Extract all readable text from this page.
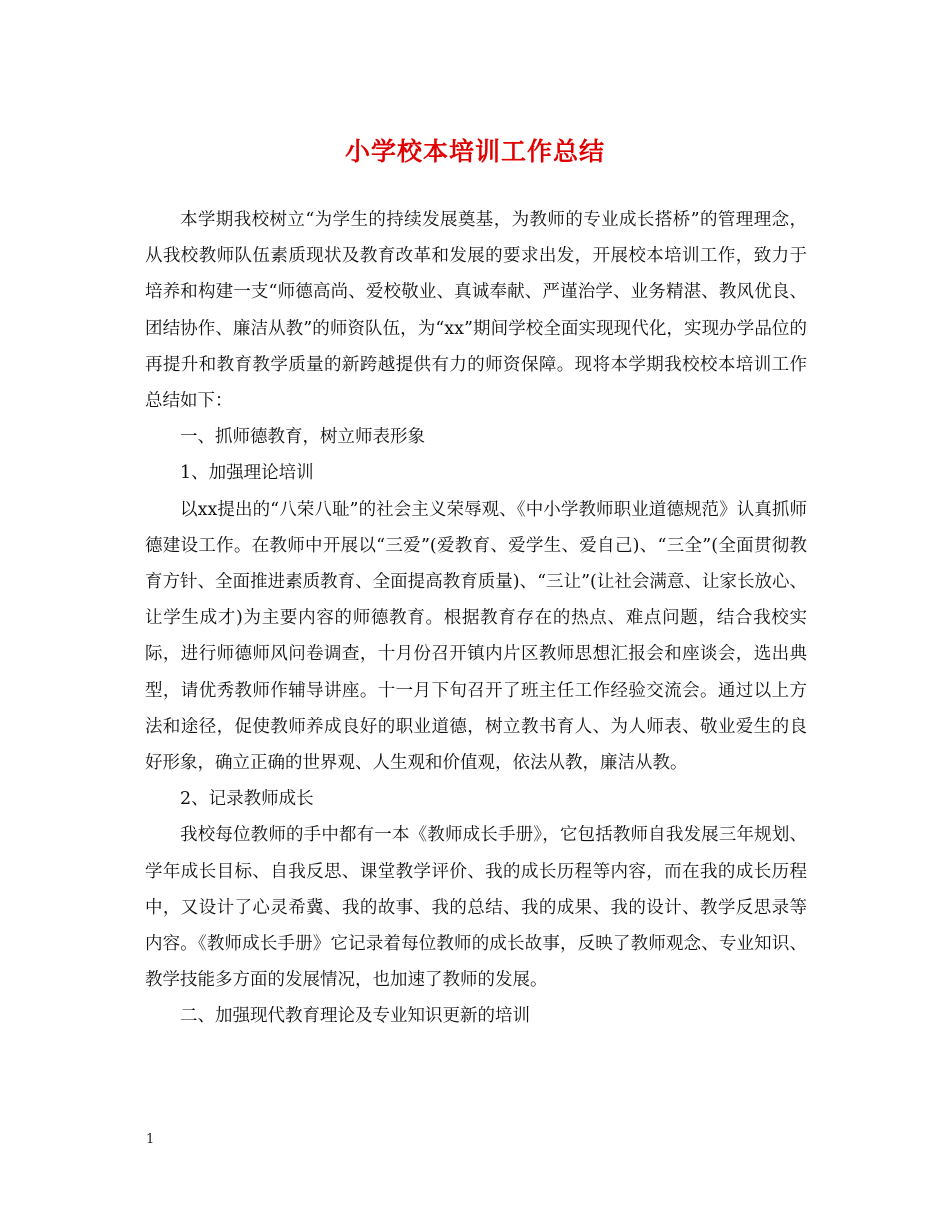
小学校本培训工作总结

本学期我校树立“为学生的持续发展奠基，为教师的专业成长搭桥”的管理理念，从我校教师队伍素质现状及教育改革和发展的要求出发，开展校本培训工作，致力于培养和构建一支“师德高尚、爱校敬业、真诚奉献、严谨治学、业务精湛、教风优良、团结协作、廉洁从教”的师资队伍，为“xx”期间学校全面实现现代化，实现办学品位的再提升和教育教学质量的新跨越提供有力的师资保障。现将本学期我校校本培训工作总结如下：

一、抓师德教育，树立师表形象

1、加强理论培训

以xx提出的“八荣八耻”的社会主义荣辱观、《中小学教师职业道德规范》认真抓师德建设工作。在教师中开展以“三爱”(爱教育、爱学生、爱自己)、“三全”(全面贯彻教育方针、全面推进素质教育、全面提高教育质量)、“三让”(让社会满意、让家长放心、让学生成才)为主要内容的师德教育。根据教育存在的热点、难点问题，结合我校实际，进行师德师风问卷调查，十月份召开镇内片区教师思想汇报会和座谈会，选出典型，请优秀教师作辅导讲座。十一月下旬召开了班主任工作经验交流会。通过以上方法和途径，促使教师养成良好的职业道德，树立教书育人、为人师表、敬业爱生的良好形象，确立正确的世界观、人生观和价值观，依法从教，廉洁从教。

2、记录教师成长

我校每位教师的手中都有一本《教师成长手册》，它包括教师自我发展三年规划、学年成长目标、自我反思、课堂教学评价、我的成长历程等内容，而在我的成长历程中，又设计了心灵希冀、我的故事、我的总结、我的成果、我的设计、教学反思录等内容。《教师成长手册》它记录着每位教师的成长故事，反映了教师观念、专业知识、教学技能多方面的发展情况，也加速了教师的发展。

二、加强现代教育理论及专业知识更新的培训

1
